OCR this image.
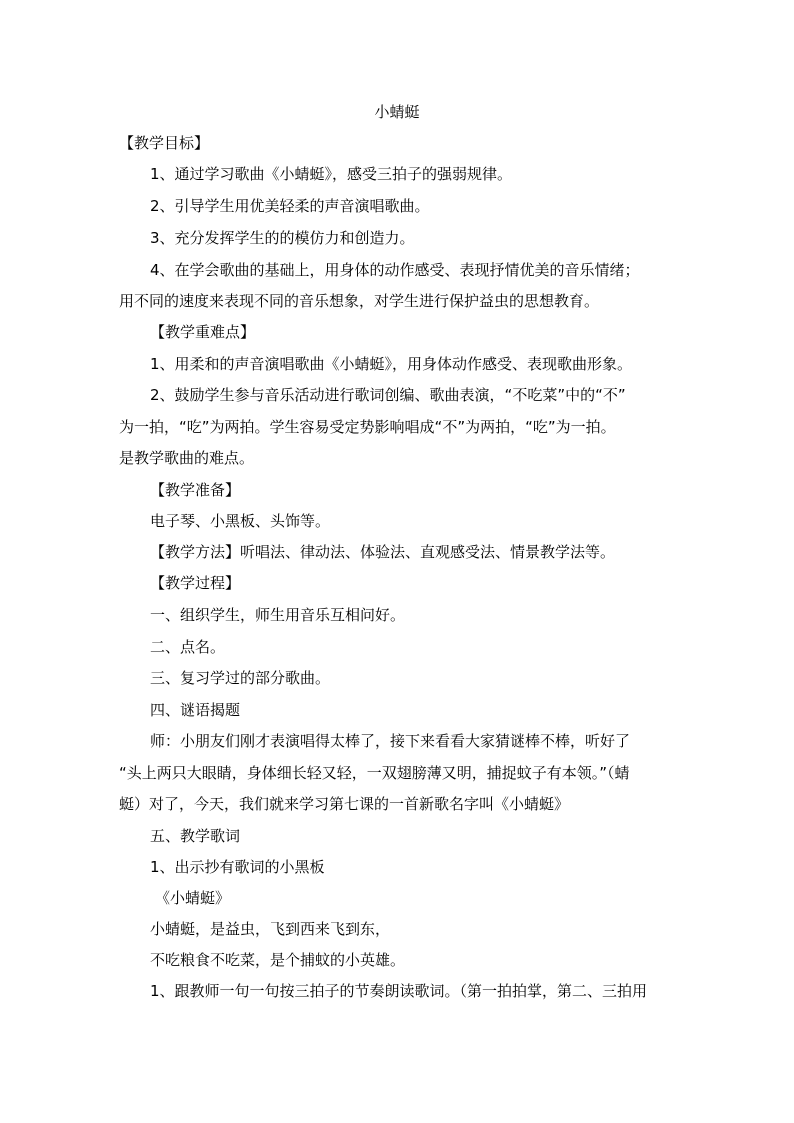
小蜻蜓
【教学目标】
1、通过学习歌曲《小蜻蜓》，感受三拍子的强弱规律。
2、引导学生用优美轻柔的声音演唱歌曲。
3、充分发挥学生的的模仿力和创造力。
4、在学会歌曲的基础上，用身体的动作感受、表现抒情优美的音乐情绪；
用不同的速度来表现不同的音乐想象，对学生进行保护益虫的思想教育。
【教学重难点】
1、用柔和的声音演唱歌曲《小蜻蜓》，用身体动作感受、表现歌曲形象。
2、鼓励学生参与音乐活动进行歌词创编、歌曲表演，“不吃菜”中的“不”
为一拍，“吃”为两拍。学生容易受定势影响唱成“不”为两拍，“吃”为一拍。
是教学歌曲的难点。
【教学准备】
电子琴、小黑板、头饰等。
【教学方法】听唱法、律动法、体验法、直观感受法、情景教学法等。
【教学过程】
一、组织学生，师生用音乐互相问好。
二、点名。
三、复习学过的部分歌曲。
四、谜语揭题
师：小朋友们刚才表演唱得太棒了，接下来看看大家猜谜棒不棒，听好了
“头上两只大眼睛，身体细长轻又轻，一双翅膀薄又明，捕捉蚊子有本领。”（蜻
蜓）对了，今天，我们就来学习第七课的一首新歌名字叫《小蜻蜓》
五、教学歌词
1、出示抄有歌词的小黑板
《小蜻蜓》
小蜻蜓，是益虫，飞到西来飞到东，
不吃粮食不吃菜，是个捕蚊的小英雄。
1、跟教师一句一句按三拍子的节奏朗读歌词。（第一拍拍掌，第二、三拍用
